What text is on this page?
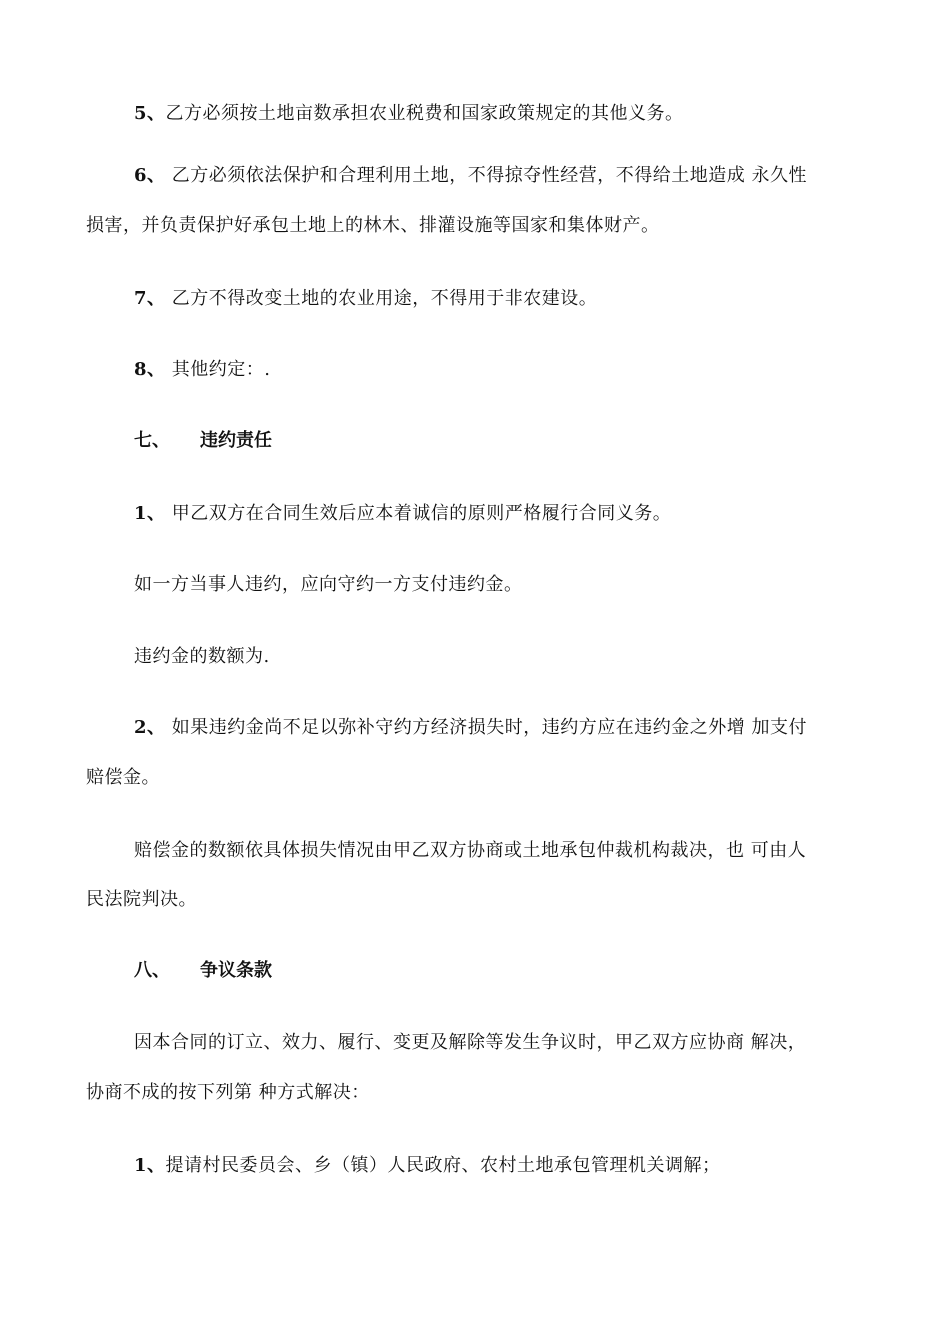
5、乙方必须按土地亩数承担农业税费和国家政策规定的其他义务。
6、 乙方必须依法保护和合理利用土地，不得掠夺性经营，不得给土地造成 永久性
损害，并负责保护好承包土地上的林木、排灌设施等国家和集体财产。
7、 乙方不得改变土地的农业用途，不得用于非农建设。
8、 其他约定：.
七、 违约责任
1、 甲乙双方在合同生效后应本着诚信的原则严格履行合同义务。
如一方当事人违约，应向守约一方支付违约金。
违约金的数额为.
2、 如果违约金尚不足以弥补守约方经济损失时，违约方应在违约金之外增 加支付
赔偿金。
赔偿金的数额依具体损失情况由甲乙双方协商或土地承包仲裁机构裁决，也 可由人
民法院判决。
八、 争议条款
因本合同的订立、效力、履行、变更及解除等发生争议时，甲乙双方应协商 解决，
协商不成的按下列第 种方式解决：
1、提请村民委员会、乡（镇）人民政府、农村土地承包管理机关调解；
